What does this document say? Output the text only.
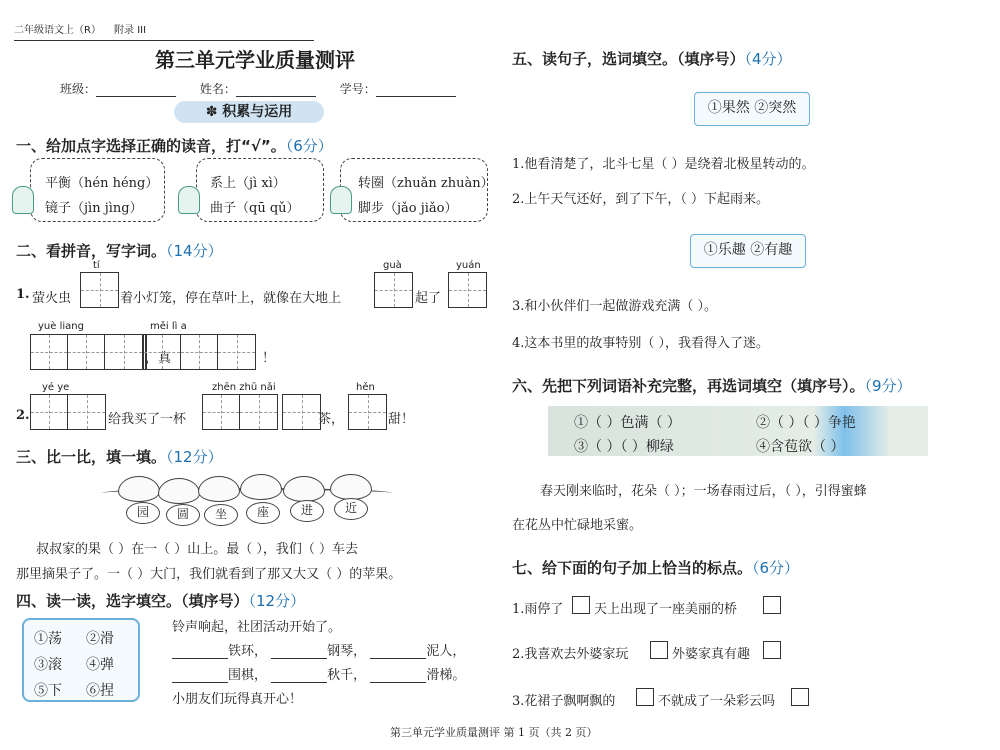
二年级语文上（R） 附录 III
第三单元学业质量测评
班级：	姓名：	学号：
✽ 积累与运用
一、给加点字选择正确的读音，打“√”。（6分）
平衡（hén héng）
镜子（jìn jìng）
系上（jì xì）
曲子（qū qǔ）
转圈（zhuǎn zhuàn）
脚步（jǎo jiǎo）
二、看拼音，写字词。（14分）
tí	guà	yuán
1. 萤火虫	着小灯笼，停在草叶上，就像在大地上	起了
yuè liang	měi lì a
，真	！
yé ye	zhēn zhū nǎi	hěn
2.	给我买了一杯	茶，	甜！
三、比一比，填一填。（12分）
园	圆	坐	座	进	近
叔叔家的果（ ）在一（ ）山上。最（ ），我们（ ）车去
那里摘果子了。一（ ）大门，我们就看到了那又大又（ ）的苹果。
四、读一读，选字填空。（填序号）（12分）
①荡 ②滑
③滚 ④弹
⑤下 ⑥捏
铃声响起，社团活动开始了。
铁环，	钢琴，	泥人，
围棋，	秋千，	滑梯。
小朋友们玩得真开心！
五、读句子，选词填空。（填序号）（4分）
①果然 ②突然
1.他看清楚了，北斗七星（ ）是绕着北极星转动的。
2.上午天气还好，到了下午，（ ）下起雨来。
①乐趣 ②有趣
3.和小伙伴们一起做游戏充满（ ）。
4.这本书里的故事特别（ ），我看得入了迷。
六、先把下列词语补充完整，再选词填空（填序号）。（9分）
①（ ）色满（ ）	②（ ）（ ）争艳
③（ ）（ ）柳绿	④含苞欲（ ）
春天刚来临时，花朵（ ）；一场春雨过后，（ ），引得蜜蜂
在花丛中忙碌地采蜜。
七、给下面的句子加上恰当的标点。（6分）
1.雨停了 天上出现了一座美丽的桥
2.我喜欢去外婆家玩	外婆家真有趣
3.花裙子飘啊飘的	不就成了一朵彩云吗
第三单元学业质量测评 第 1 页（共 2 页）
